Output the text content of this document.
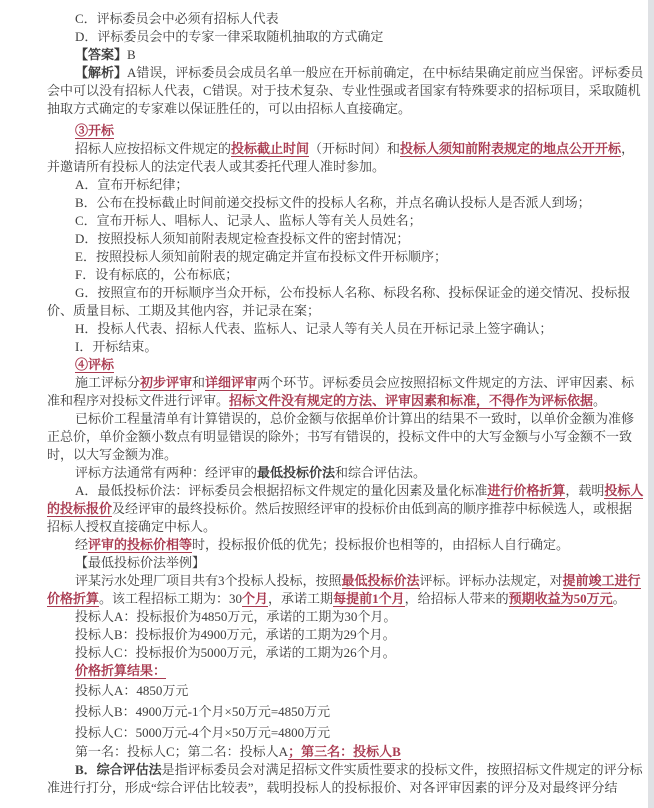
C．评标委员会中必须有招标人代表
D．评标委员会中的专家一律采取随机抽取的方式确定
【答案】B
【解析】A错误，评标委员会成员名单一般应在开标前确定，在中标结果确定前应当保密。评标委员
会中可以没有招标人代表，C错误。对于技术复杂、专业性强或者国家有特殊要求的招标项目，采取随机
抽取方式确定的专家难以保证胜任的，可以由招标人直接确定。
③开标
招标人应按招标文件规定的投标截止时间（开标时间）和投标人须知前附表规定的地点公开开标，
并邀请所有投标人的法定代表人或其委托代理人准时参加。
A．宣布开标纪律；
B．公布在投标截止时间前递交投标文件的投标人名称，并点名确认投标人是否派人到场；
C．宣布开标人、唱标人、记录人、监标人等有关人员姓名；
D．按照投标人须知前附表规定检查投标文件的密封情况；
E．按照投标人须知前附表的规定确定并宣布投标文件开标顺序；
F．设有标底的，公布标底；
G．按照宣布的开标顺序当众开标，公布投标人名称、标段名称、投标保证金的递交情况、投标报
价、质量目标、工期及其他内容，并记录在案；
H．投标人代表、招标人代表、监标人、记录人等有关人员在开标记录上签字确认；
I．开标结束。
④评标
施工评标分初步评审和详细评审两个环节。评标委员会应按照招标文件规定的方法、评审因素、标
准和程序对投标文件进行评审。招标文件没有规定的方法、评审因素和标准，不得作为评标依据。
已标价工程量清单有计算错误的，总价金额与依据单价计算出的结果不一致时，以单价金额为准修
正总价，单价金额小数点有明显错误的除外；书写有错误的，投标文件中的大写金额与小写金额不一致
时，以大写金额为准。
评标方法通常有两种：经评审的最低投标价法和综合评估法。
A．最低投标价法：评标委员会根据招标文件规定的量化因素及量化标准进行价格折算，载明投标人
的投标报价及经评审的最终投标价。然后按照经评审的投标价由低到高的顺序推荐中标候选人，或根据
招标人授权直接确定中标人。
经评审的投标价相等时，投标报价低的优先；投标报价也相等的，由招标人自行确定。
【最低投标价法举例】
评某污水处理厂项目共有3个投标人投标，按照最低投标价法评标。评标办法规定，对提前竣工进行
价格折算。该工程招标工期为：30个月，承诺工期每提前1个月，给招标人带来的预期收益为50万元。
投标人A：投标报价为4850万元，承诺的工期为30个月。
投标人B：投标报价为4900万元，承诺的工期为29个月。
投标人C：投标报价为5000万元，承诺的工期为26个月。
价格折算结果：
投标人A：4850万元
投标人B：4900万元-1个月×50万元=4850万元
投标人C：5000万元-4个月×50万元=4800万元
第一名：投标人C；第二名：投标人A；第三名：投标人B
B．综合评估法是指评标委员会对满足招标文件实质性要求的投标文件，按照招标文件规定的评分标
准进行打分，形成“综合评估比较表”，载明投标人的投标报价、对各评审因素的评分及对最终评分结
